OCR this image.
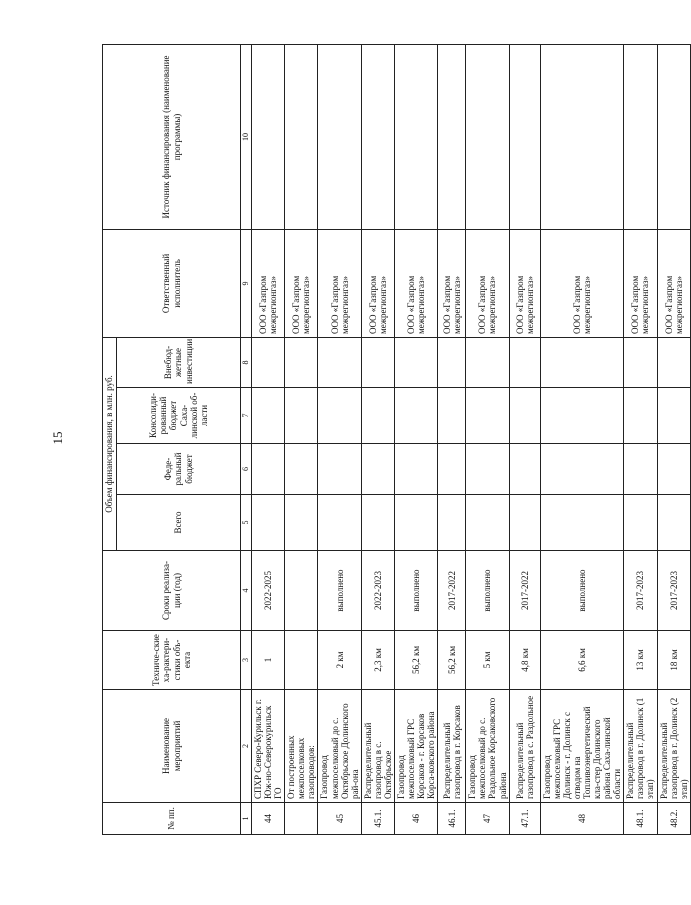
15
№ пп.	Наименование мероприятий	Техниче-ские ха-рактери-стики объ-екта	Сроки реализа-ции (год)	Объем финансирования, в млн. руб.				Ответственный исполнитель	Источник финансирования (наименование программы)
				Всего	Феде-ральный бюджет	Консолиди-рованный бюджет Саха-линской об-ласти	Внебюд-жетные инвестиции		
1	2	3	4	5	6	7	8	9	10
44	СПХР Северо-Курильск г. Юж-но-Северокурильск ГО	1	2022-2025					ООО «Газпром межрегионгаз»	
	От построенных межпоселковых газопроводов:							ООО «Газпром межрегионгаз»	
45	Газопровод межпоселковый до с. Октябрьское Долинского рай-она	2 км	выполнено					ООО «Газпром межрегионгаз»	
45.1.	Распределительный газопровод в с. Октябрьское	2,3 км	2022-2023					ООО «Газпром межрегионгаз»	
46	Газопровод межпоселковый ГРС Корсаков - г. Корсаков Корса-ковского района	56,2 км	выполнено					ООО «Газпром межрегионгаз»	
46.1.	Распределительный газопровод в г. Корсаков	56,2 км	2017-2022					ООО «Газпром межрегионгаз»	
47	Газопровод межпоселковый до с. Раздольное Корсаковского района	5 км	выполнено					ООО «Газпром межрегионгаз»	
47.1.	Распределительный газопровод в с. Раздольное	4,8 км	2017-2022					ООО «Газпром межрегионгаз»	
48	Газопровод межпоселковый ГРС Долинск - г. Долинск с отводом на Топливоэнергетический кла-стер Долинского района Саха-линской области	6,6 км	выполнено					ООО «Газпром межрегионгаз»	
48.1.	Распределительный газопровод в г. Долинск (1 этап)	13 км	2017-2023					ООО «Газпром межрегионгаз»	
48.2.	Распределительный газопровод в г. Долинск (2 этап)	18 км	2017-2023					ООО «Газпром межрегионгаз»	
